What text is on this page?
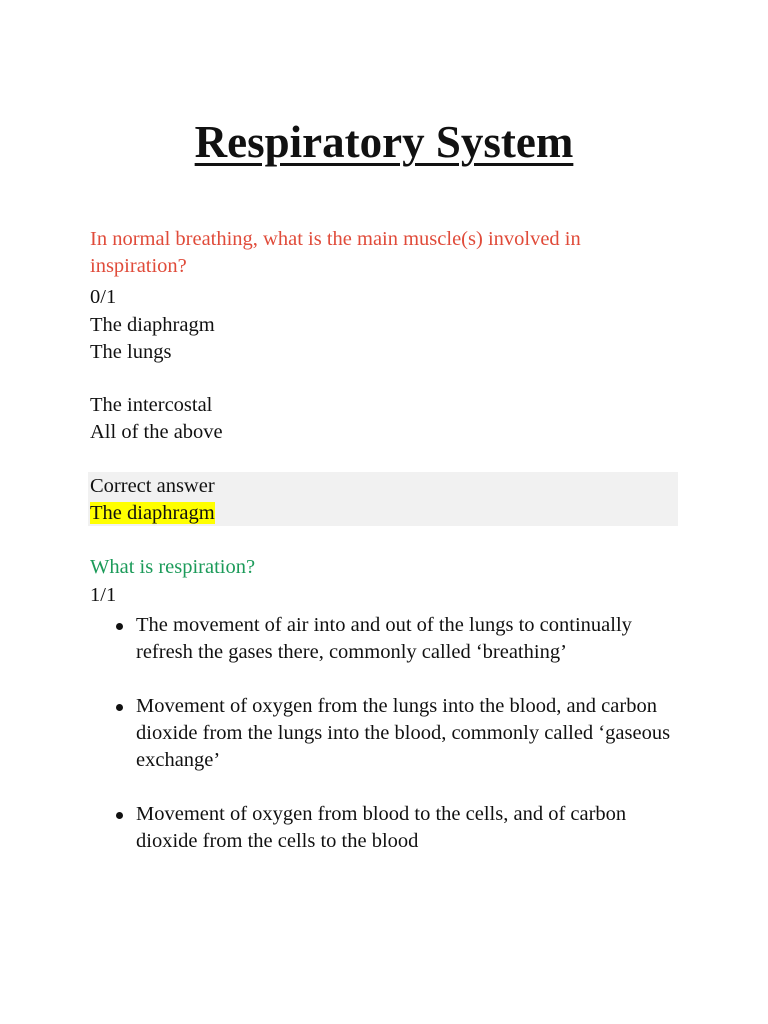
Respiratory System
In normal breathing, what is the main muscle(s) involved in inspiration?
0/1
The diaphragm
The lungs
The intercostal
All of the above
Correct answer
The diaphragm
What is respiration?
1/1
The movement of air into and out of the lungs to continually refresh the gases there, commonly called ‘breathing’
Movement of oxygen from the lungs into the blood, and carbon dioxide from the lungs into the blood, commonly called ‘gaseous exchange’
Movement of oxygen from blood to the cells, and of carbon dioxide from the cells to the blood
